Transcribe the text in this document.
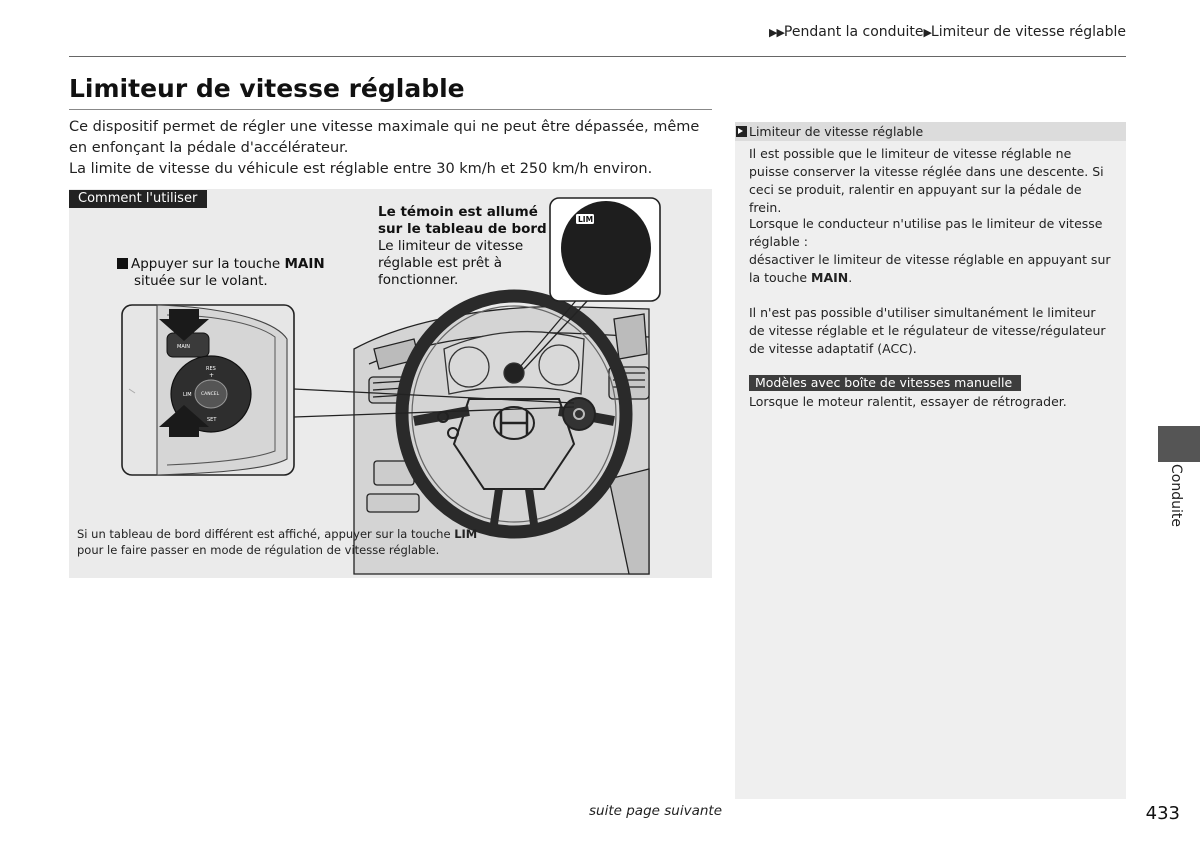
▶▶Pendant la conduite▶Limiteur de vitesse réglable
Limiteur de vitesse réglable

Ce dispositif permet de régler une vitesse maximale qui ne peut être dépassée, même en enfonçant la pédale d'accélérateur.

La limite de vitesse du véhicule est réglable entre 30 km/h et 250 km/h environ.

MAIN
RES
+
LIM CANCEL
SET
LIM
Comment l'utiliser
Appuyer sur la touche MAIN
située sur le volant.
Le témoin est allumé sur le tableau de bord
Le limiteur de vitesse réglable est prêt à fonctionner.
Si un tableau de bord différent est affiché, appuyer sur la touche LIM
pour le faire passer en mode de régulation de vitesse réglable.
Limiteur de vitesse réglable

Il est possible que le limiteur de vitesse réglable ne puisse conserver la vitesse réglée dans une descente. Si ceci se produit, ralentir en appuyant sur la pédale de frein.

Lorsque le conducteur n'utilise pas le limiteur de vitesse réglable :

désactiver le limiteur de vitesse réglable en appuyant sur la touche MAIN.

Il n'est pas possible d'utiliser simultanément le limiteur de vitesse réglable et le régulateur de vitesse/régulateur de vitesse adaptatif (ACC).

Modèles avec boîte de vitesses manuelle

Lorsque le moteur ralentit, essayer de rétrograder.

Conduite
suite page suivante	433
